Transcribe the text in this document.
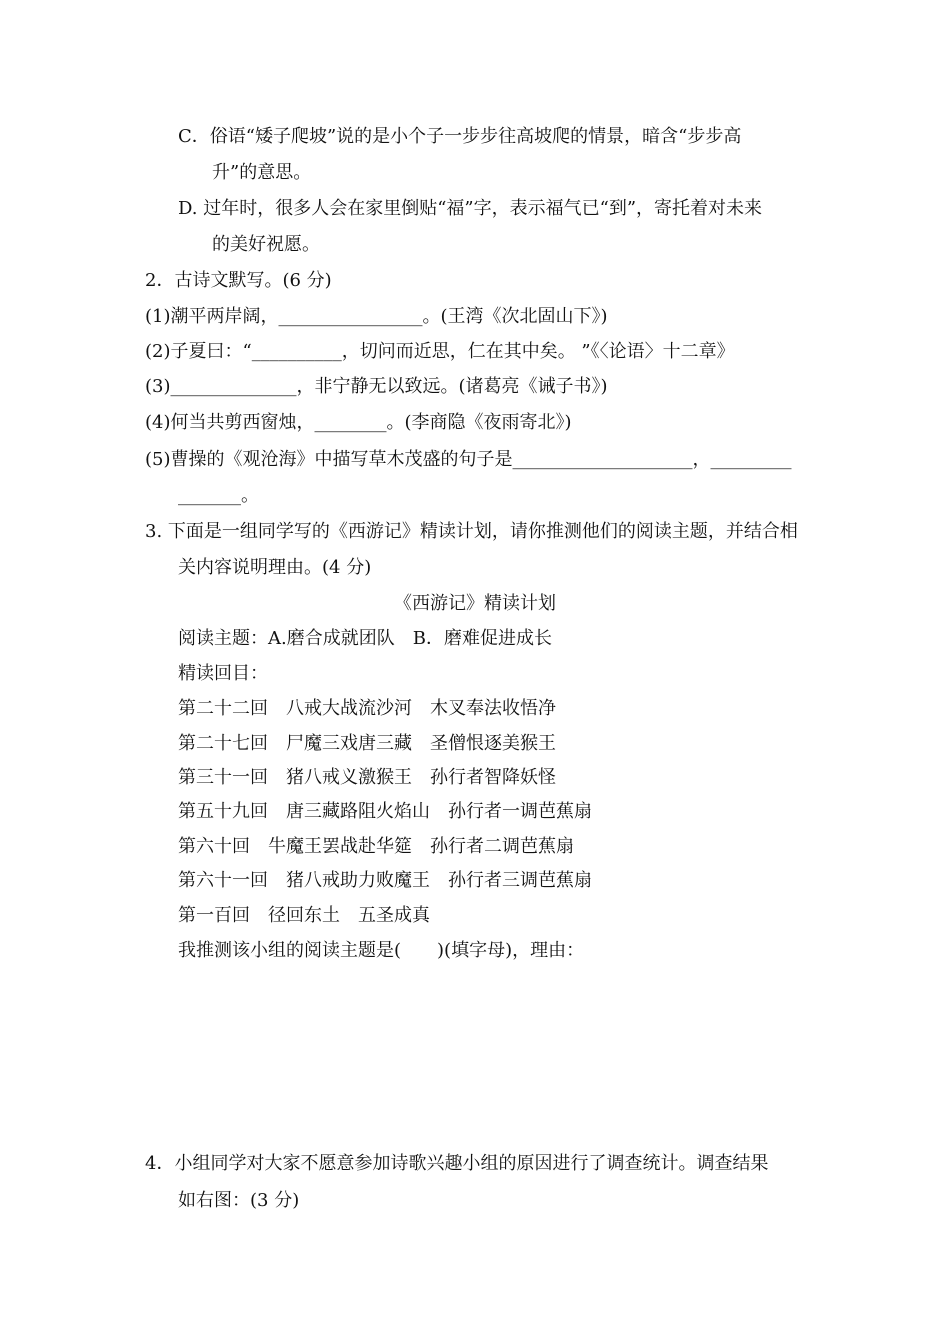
C．俗语“矮子爬坡”说的是小个子一步步往高坡爬的情景，暗含“步步高
升”的意思。
D. 过年时，很多人会在家里倒贴“福”字，表示福气已“到”，寄托着对未来
的美好祝愿。
2．古诗文默写。(6 分)
(1)潮平两岸阔，________________。(王湾《次北固山下》)
(2)子夏曰：“__________，切问而近思，仁在其中矣。 ”《〈论语〉十二章》
(3)______________，非宁静无以致远。(诸葛亮《诫子书》)
(4)何当共剪西窗烛，________。(李商隐《夜雨寄北》)
(5)曹操的《观沧海》中描写草木茂盛的句子是____________________，_________
_______。
3. 下面是一组同学写的《西游记》精读计划，请你推测他们的阅读主题，并结合相
关内容说明理由。(4 分)
《西游记》精读计划
阅读主题：A.磨合成就团队　B．磨难促进成长
精读回目：
第二十二回　八戒大战流沙河　木叉奉法收悟净
第二十七回　尸魔三戏唐三藏　圣僧恨逐美猴王
第三十一回　猪八戒义激猴王　孙行者智降妖怪
第五十九回　唐三藏路阻火焰山　孙行者一调芭蕉扇
第六十回　牛魔王罢战赴华筵　孙行者二调芭蕉扇
第六十一回　猪八戒助力败魔王　孙行者三调芭蕉扇
第一百回　径回东土　五圣成真
我推测该小组的阅读主题是(　　)(填字母)，理由：
4．小组同学对大家不愿意参加诗歌兴趣小组的原因进行了调查统计。调查结果
如右图：(3 分)
